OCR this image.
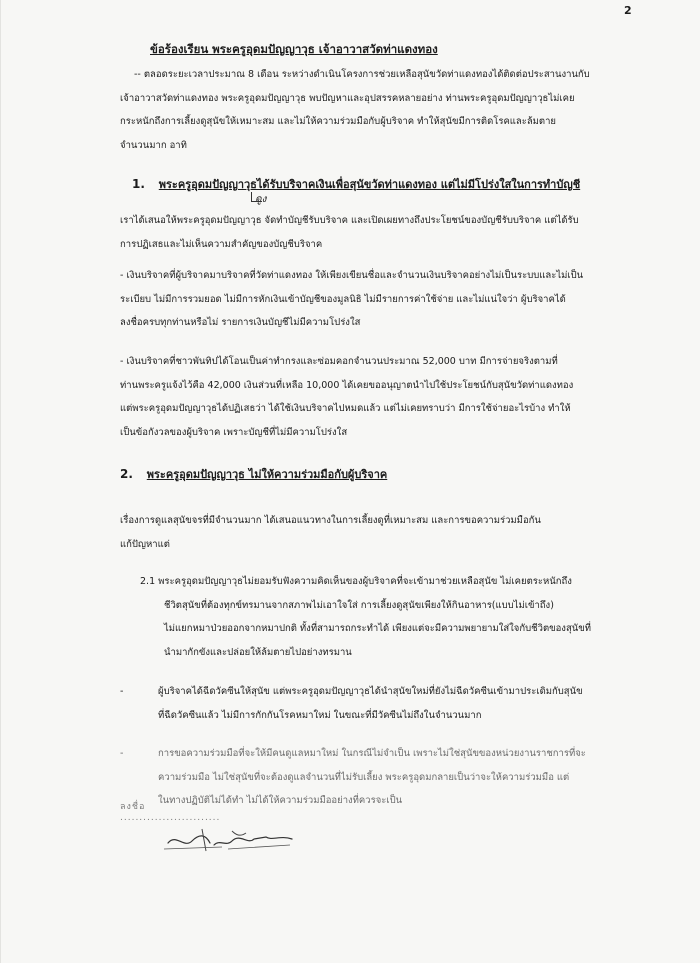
2
ข้อร้องเรียน พระครูอุดมปัญญาวุธ เจ้าอาวาสวัดท่าแดงทอง
-- ตลอดระยะเวลาประมาณ 8 เดือน ระหว่างดำเนินโครงการช่วยเหลือสุนัขวัดท่าแดงทองได้ติดต่อประสานงานกับ
เจ้าอาวาสวัดท่าแดงทอง พระครูอุดมปัญญาวุธ พบปัญหาและอุปสรรคหลายอย่าง ท่านพระครูอุดมปัญญาวุธไม่เคย
กระหนักถึงการเลี้ยงดูสุนัขให้เหมาะสม และไม่ให้ความร่วมมือกับผู้บริจาค ทำให้สุนัขมีการติดโรคและล้มตาย
จำนวนมาก อาทิ
1. พระครูอุดมปัญญาวุธได้รับบริจาคเงินเพื่อสุนัขวัดท่าแดงทอง แต่ไม่มีโปร่งใสในการทำบัญชี
ดูง
เราได้เสนอให้พระครูอุดมปัญญาวุธ จัดทำบัญชีรับบริจาค และเปิดเผยทางถึงประโยชน์ของบัญชีรับบริจาค แต่ได้รับ
การปฏิเสธและไม่เห็นความสำคัญของบัญชีบริจาค
- เงินบริจาคที่ผู้บริจาคมาบริจาคที่วัดท่าแดงทอง ให้เพียงเขียนชื่อและจำนวนเงินบริจาคอย่างไม่เป็นระบบและไม่เป็น
ระเบียบ ไม่มีการรวมยอด ไม่มีการหักเงินเข้าบัญชีของมูลนิธิ ไม่มีรายการค่าใช้จ่าย และไม่แน่ใจว่า ผู้บริจาคได้
ลงชื่อครบทุกท่านหรือไม่ รายการเงินบัญชีไม่มีความโปร่งใส
- เงินบริจาคที่ชาวพันทิปได้โอนเป็นค่าทำกรงและซ่อมคอกจำนวนประมาณ 52,000 บาท มีการจ่ายจริงตามที่
ท่านพระครูแจ้งไว้คือ 42,000 เงินส่วนที่เหลือ 10,000 ได้เคยขออนุญาตนำไปใช้ประโยชน์กับสุนัขวัดท่าแดงทอง
แต่พระครูอุดมปัญญาวุธได้ปฏิเสธว่า ได้ใช้เงินบริจาคไปหมดแล้ว แต่ไม่เคยทราบว่า มีการใช้จ่ายอะไรบ้าง ทำให้
เป็นข้อกังวลของผู้บริจาค เพราะบัญชีที่ไม่มีความโปร่งใส
2. พระครูอุดมปัญญาวุธ ไม่ให้ความร่วมมือกับผู้บริจาค
เรื่องการดูแลสุนัขจรที่มีจำนวนมาก ได้เสนอแนวทางในการเลี้ยงดูที่เหมาะสม และการขอความร่วมมือกัน
แก้ปัญหาแต่
2.1 พระครูอุดมปัญญาวุธไม่ยอมรับฟังความคิดเห็นของผู้บริจาคที่จะเข้ามาช่วยเหลือสุนัข ไม่เคยตระหนักถึง
ชีวิตสุนัขที่ต้องทุกข์ทรมานจากสภาพไม่เอาใจใส่ การเลี้ยงดูสุนัขเพียงให้กินอาหาร(แบบไม่เข้าถึง)
ไม่แยกหมาป่วยออกจากหมาปกติ ทั้งที่สามารถกระทำได้ เพียงแต่จะมีความพยายามใส่ใจกับชีวิตของสุนัขที่
นำมากักขังและปล่อยให้ล้มตายไปอย่างทรมาน
-	ผู้บริจาคได้ฉีดวัคซีนให้สุนัข แต่พระครูอุดมปัญญาวุธได้นำสุนัขใหม่ที่ยังไม่ฉีดวัคซีนเข้ามาประเดิมกับสุนัข
ที่ฉีดวัคซีนแล้ว ไม่มีการกักกันโรคหมาใหม่ ในขณะที่มีวัคซีนไม่ถึงในจำนวนมาก
-	การขอความร่วมมือที่จะให้มีคนดูแลหมาใหม่ ในกรณีไม่จำเป็น เพราะไม่ใช่สุนัขของหน่วยงานราชการที่จะ
ความร่วมมือ ไม่ใช่สุนัขที่จะต้องดูแลจำนวนที่ไม่รับเลี้ยง พระครูอุดมกลายเป็นว่าจะให้ความร่วมมือ แต่
ในทางปฏิบัติไม่ได้ทำ ไม่ได้ให้ความร่วมมืออย่างที่ควรจะเป็น
ลงชื่อ ..........................
